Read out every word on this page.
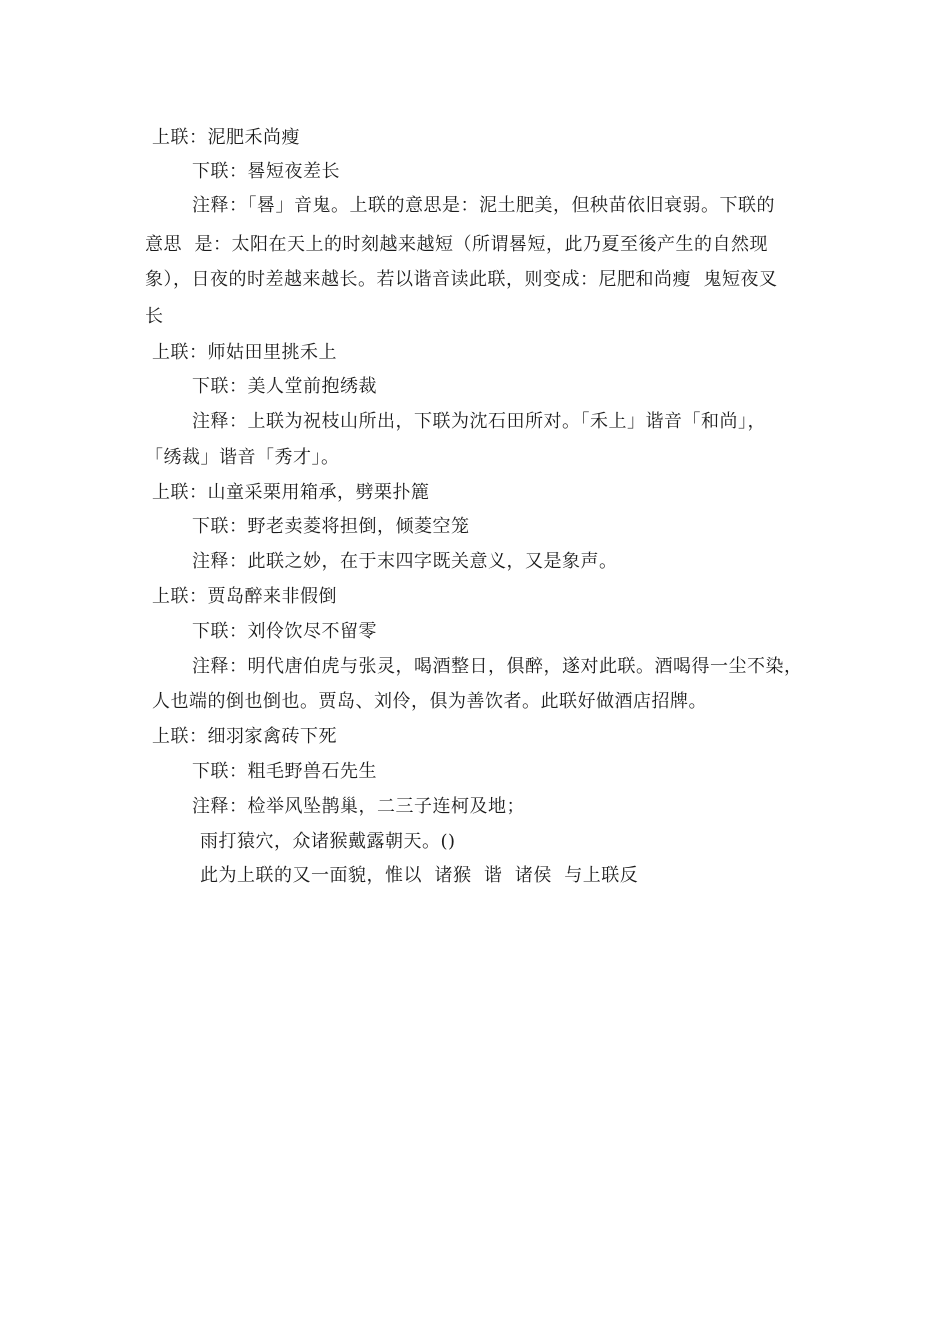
上联：泥肥禾尚瘦
下联：晷短夜差长
注释：「晷」音鬼。上联的意思是：泥土肥美，但秧苗依旧衰弱。下联的
意思  是：太阳在天上的时刻越来越短（所谓晷短，此乃夏至後产生的自然现
象），日夜的时差越来越长。若以谐音读此联，则变成：尼肥和尚瘦  鬼短夜叉
长
上联：师姑田里挑禾上
下联：美人堂前抱绣裁
注释：上联为祝枝山所出，下联为沈石田所对。「禾上」谐音「和尚」，
「绣裁」谐音「秀才」。
上联：山童采栗用箱承，劈栗扑簏
下联：野老卖菱将担倒，倾菱空笼
注释：此联之妙，在于末四字既关意义，又是象声。
上联：贾岛醉来非假倒
下联：刘伶饮尽不留零
注释：明代唐伯虎与张灵，喝酒整日，俱醉，遂对此联。酒喝得一尘不染，
人也端的倒也倒也。贾岛、刘伶，俱为善饮者。此联好做酒店招牌。
上联：细羽家禽砖下死
下联：粗毛野兽石先生
注释：检举风坠鹊巢，二三子连柯及地；
雨打猿穴，众诸猴戴露朝天。()
此为上联的又一面貌，惟以  诸猴  谐  诸侯  与上联反
